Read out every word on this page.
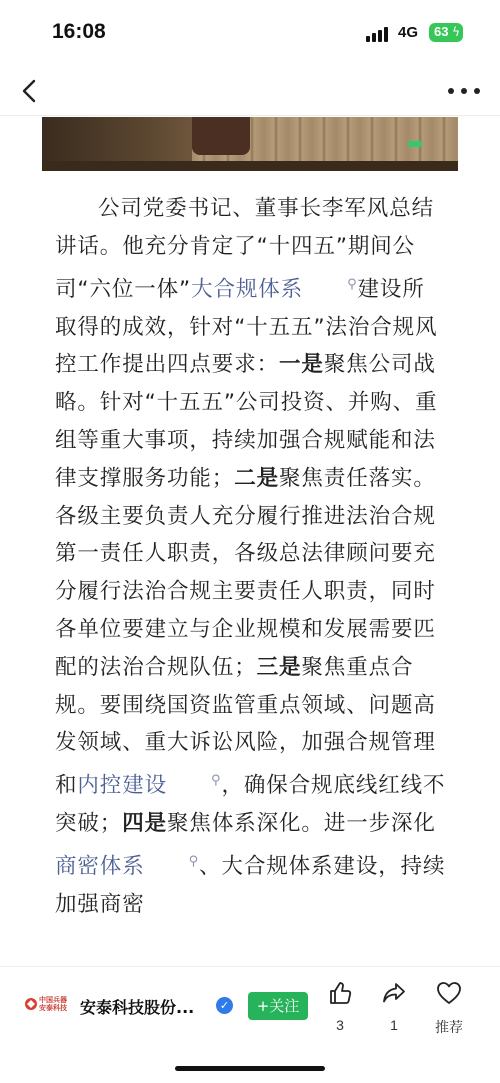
16:08	4G 63 ϟ

公司党委书记、董事长李军风总结讲话。他充分肯定了“十四五”期间公司“六位一体”大合规体系	⚲建设所取得的成效，针对“十五五”法治合规风控工作提出四点要求：一是聚焦公司战略。针对“十五五”公司投资、并购、重组等重大事项，持续加强合规赋能和法律支撑服务功能；二是聚焦责任落实。各级主要负责人充分履行推进法治合规第一责任人职责，各级总法律顾问要充分履行法治合规主要责任人职责，同时各单位要建立与企业规模和发展需要匹配的法治合规队伍；三是聚焦重点合规。要围绕国资监管重点领域、问题高发领域、重大诉讼风险，加强合规管理和内控建设	⚲，确保合规底线红线不突破；四是聚焦体系深化。进一步深化商密体系	⚲、大合规体系建设，持续加强商密

中国兵器 安泰科技 安泰科技股份...	✓	+关注
3	1	推荐
